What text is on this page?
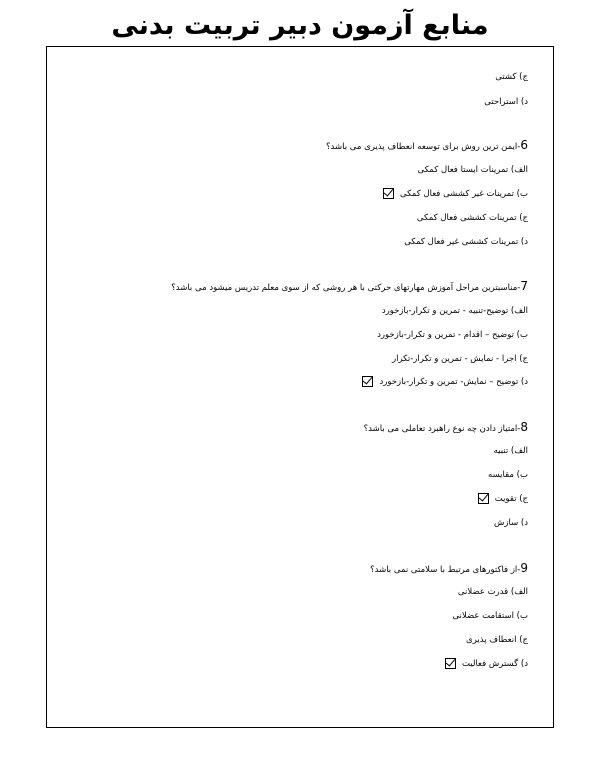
منابع آزمون دبیر تربیت بدنی
ج) کشتی
د) استراحتی
6-ایمن ترین روش برای توسعه انعطاف پذیری می باشد؟
الف) تمرینات ایستا فعال کمکی
ب) تمرینات غیر کششی فعال کمکی
ج) تمرینات کششی فعال کمکی
د) تمرینات کششی غیر فعال کمکی
7-مناسبترین مراحل آموزش مهارتهای حرکتی با هر روشی که از سوی معلم تدریس میشود می باشد؟
الف) توضیح-تنبیه - تمرین و تکرار-بازخورد
ب) توضیح – اقدام - تمرین و تکرار-بازخورد
ج) اجرا - نمایش - تمرین و تکرار-تکرار
د) توضیح – نمایش- تمرین و تکرار-بازخورد
8-امتیاز دادن چه نوع راهبرد تعاملی می باشد؟
الف) تنبیه
ب) مقایسه
ج) تقویت
د) سازش
9-از فاکتورهای مرتبط با سلامتی نمی باشد؟
الف) قدرت عضلانی
ب) استقامت عضلانی
ج) انعطاف پذیری
د) گسترش فعالیت
